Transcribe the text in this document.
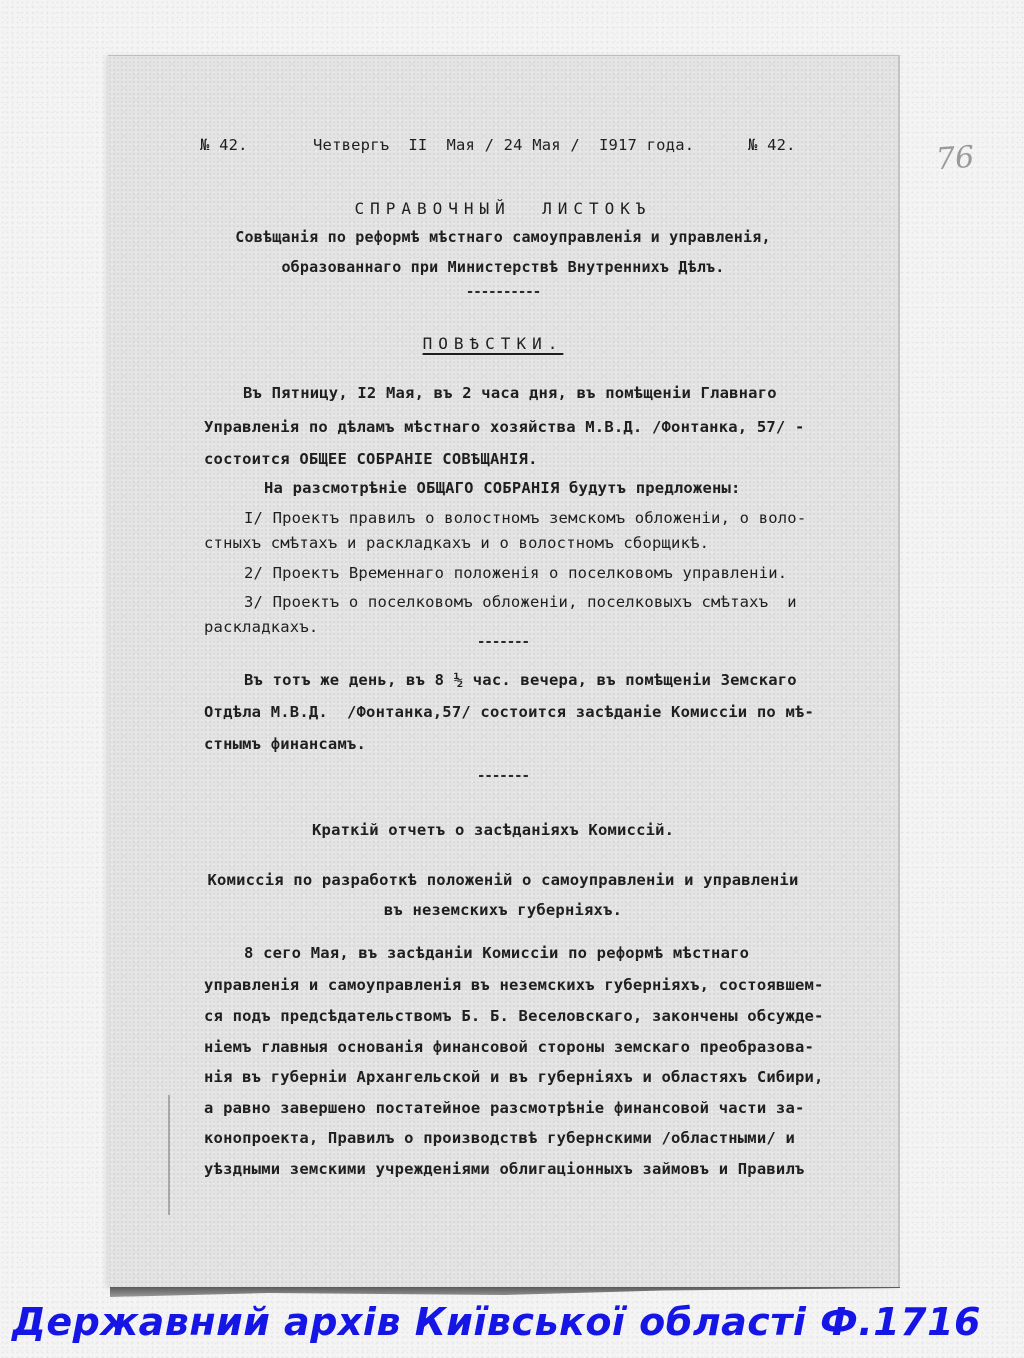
76
№ 42.	Четвергъ  II  Мая / 24 Мая /  I917 года.	№ 42.
СПРАВОЧНЫЙ  ЛИСТОКЪ
Совѣщанія по реформѣ мѣстнаго самоуправленія и управленія,
образованнаго при Министерствѣ Внутреннихъ Дѣлъ.
----------
ПОВѢСТКИ.
Въ Пятницу, I2 Мая, въ 2 часа дня, въ помѣщеніи Главнаго
Управленія по дѣламъ мѣстнаго хозяйства М.В.Д. /Фонтанка, 57/ -
состоится ОБЩЕЕ СОБРАНІЕ СОВѢЩАНІЯ.
На разсмотрѣніе ОБЩАГО СОБРАНІЯ будутъ предложены:
I/ Проектъ правилъ о волостномъ земскомъ обложеніи, о воло-
стныхъ смѣтахъ и раскладкахъ и о волостномъ сборщикѣ.
2/ Проектъ Временнаго положенія о поселковомъ управленіи.
3/ Проектъ о поселковомъ обложеніи, поселковыхъ смѣтахъ  и
раскладкахъ.
-------
Въ тотъ же день, въ 8 ½ час. вечера, въ помѣщеніи Земскаго
Отдѣла М.В.Д.  /Фонтанка,57/ состоится засѣданіе Комиссіи по мѣ-
стнымъ финансамъ.
-------
Краткій отчетъ о засѣданіяхъ Комиссій.
Комиссія по разработкѣ положеній о самоуправленіи и управленіи
въ неземскихъ губерніяхъ.
8 сего Мая, въ засѣданіи Комиссіи по реформѣ мѣстнаго
управленія и самоуправленія въ неземскихъ губерніяхъ, состоявшем-
ся подъ предсѣдательствомъ Б. Б. Веселовскаго, закончены обсужде-
ніемъ главныя основанія финансовой стороны земскаго преобразова-
нія въ губерніи Архангельской и въ губерніяхъ и областяхъ Сибири,
а равно завершено постатейное разсмотрѣніе финансовой части за-
конопроекта, Правилъ о производствѣ губернскими /областными/ и
уѣздными земскими учрежденіями облигаціонныхъ займовъ и Правилъ
Державний архів Київської області Ф.1716
